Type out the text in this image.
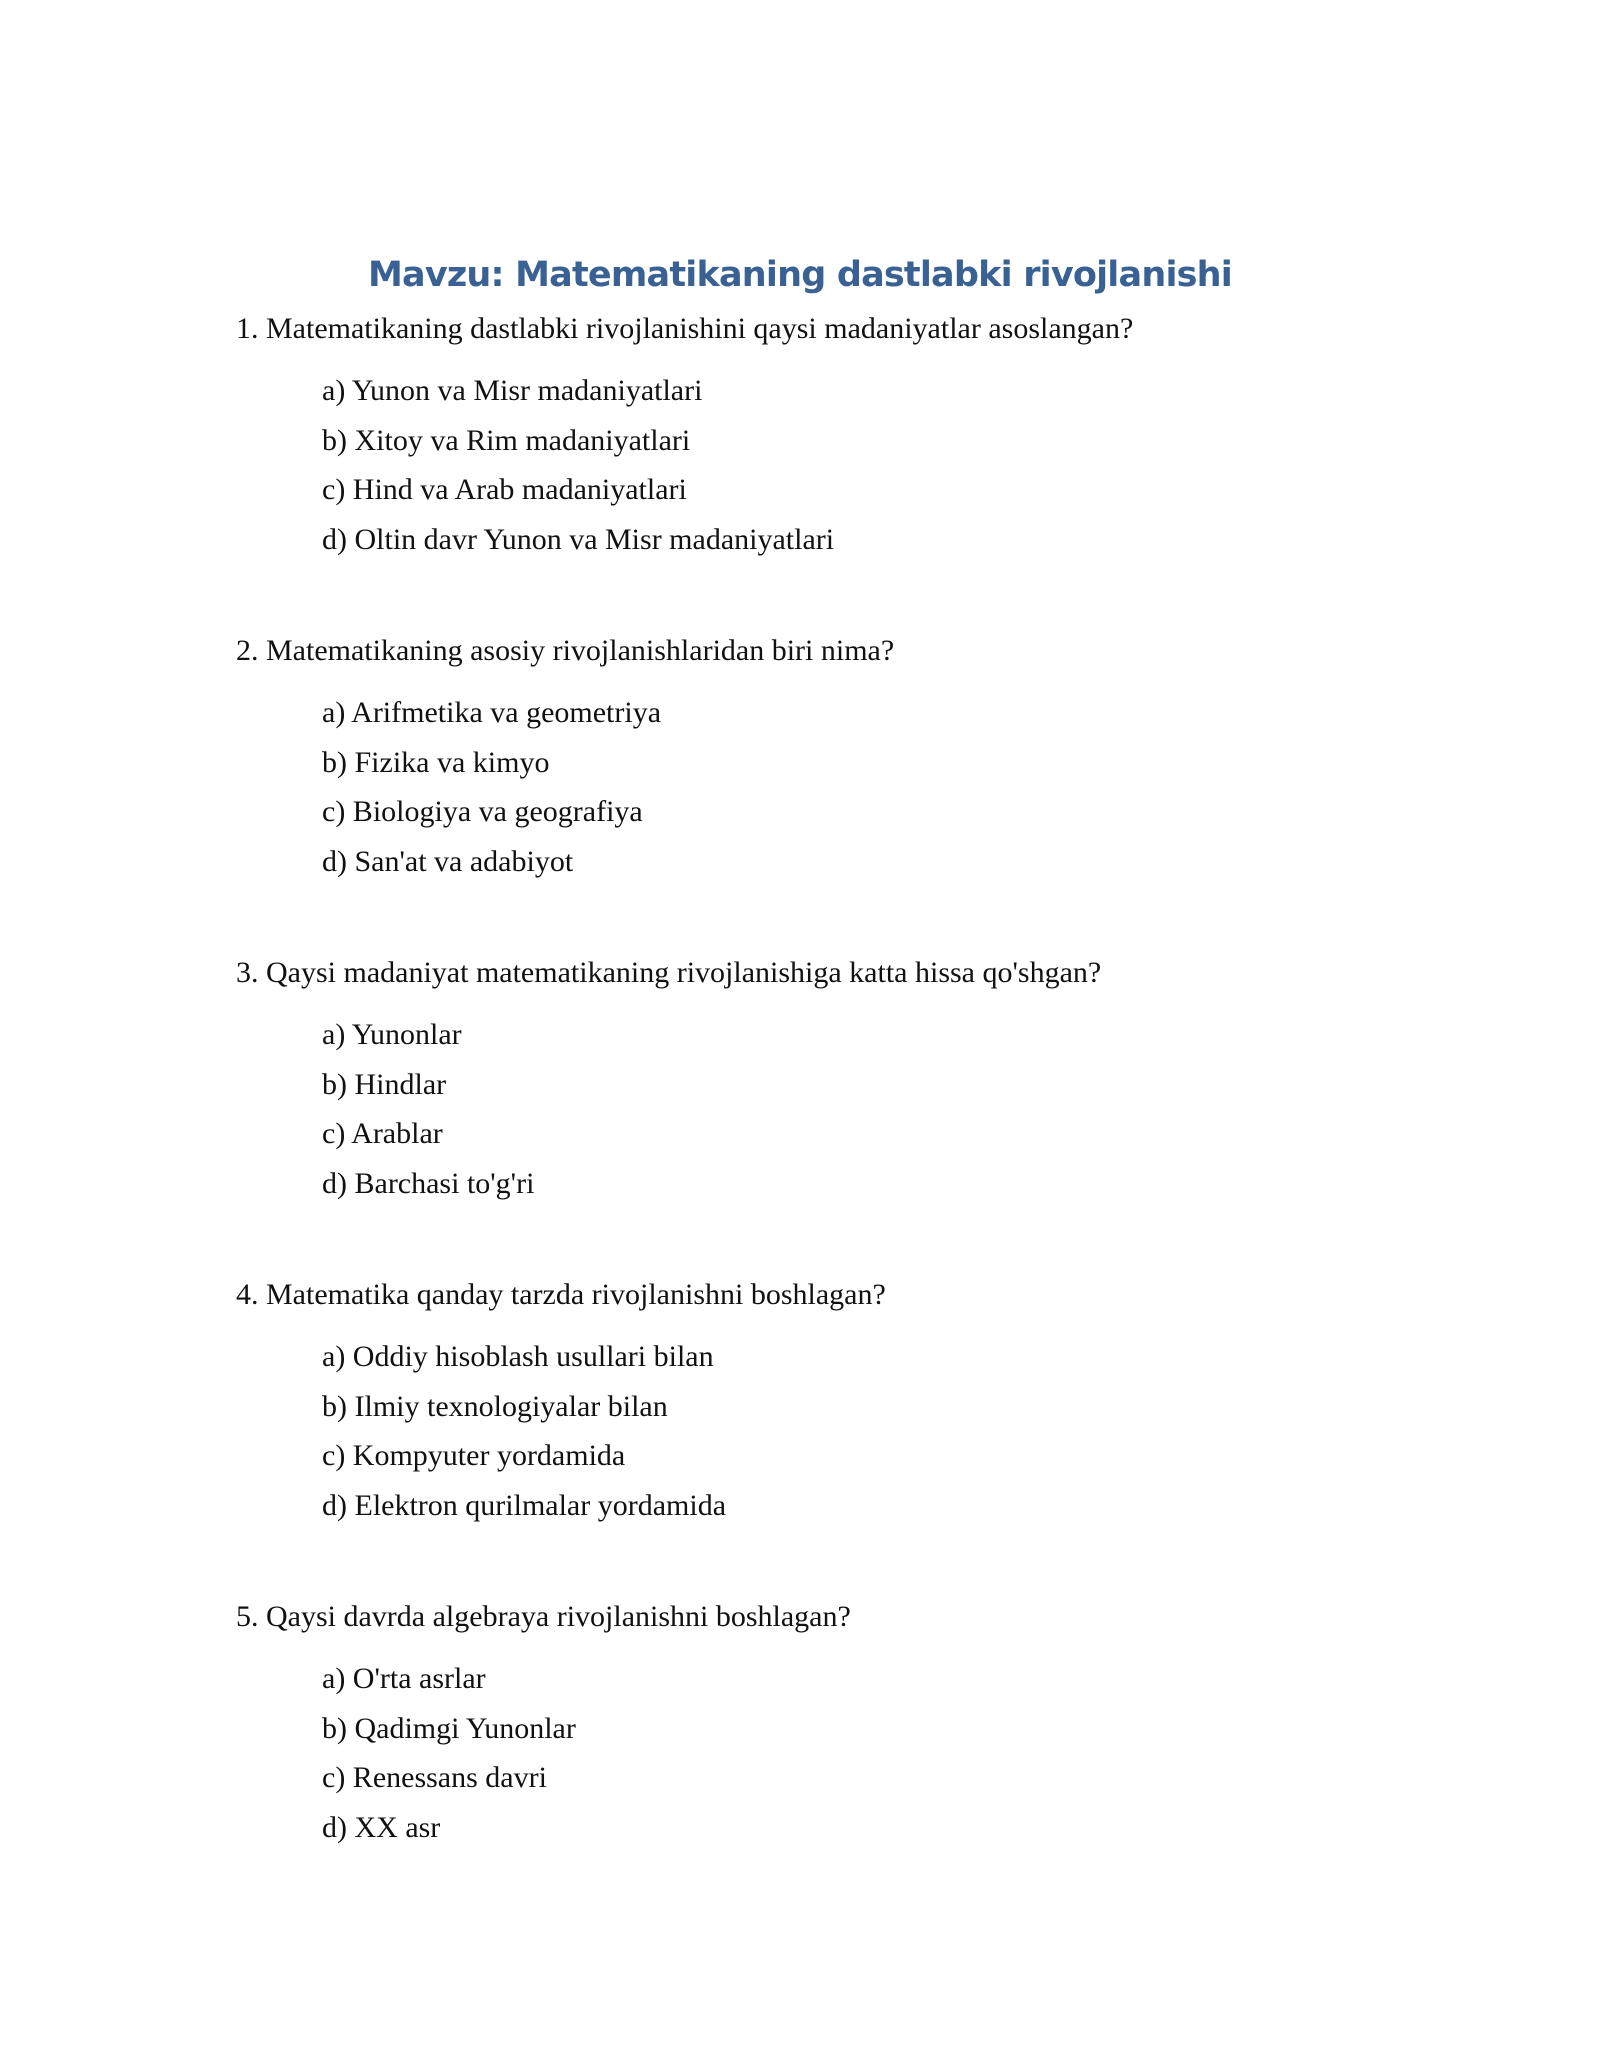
Mavzu: Matematikaning dastlabki rivojlanishi
1. Matematikaning dastlabki rivojlanishini qaysi madaniyatlar asoslangan?
a) Yunon va Misr madaniyatlari
b) Xitoy va Rim madaniyatlari
c) Hind va Arab madaniyatlari
d) Oltin davr Yunon va Misr madaniyatlari
2. Matematikaning asosiy rivojlanishlaridan biri nima?
a) Arifmetika va geometriya
b) Fizika va kimyo
c) Biologiya va geografiya
d) San'at va adabiyot
3. Qaysi madaniyat matematikaning rivojlanishiga katta hissa qo'shgan?
a) Yunonlar
b) Hindlar
c) Arablar
d) Barchasi to'g'ri
4. Matematika qanday tarzda rivojlanishni boshlagan?
a) Oddiy hisoblash usullari bilan
b) Ilmiy texnologiyalar bilan
c) Kompyuter yordamida
d) Elektron qurilmalar yordamida
5. Qaysi davrda algebraya rivojlanishni boshlagan?
a) O'rta asrlar
b) Qadimgi Yunonlar
c) Renessans davri
d) XX asr
